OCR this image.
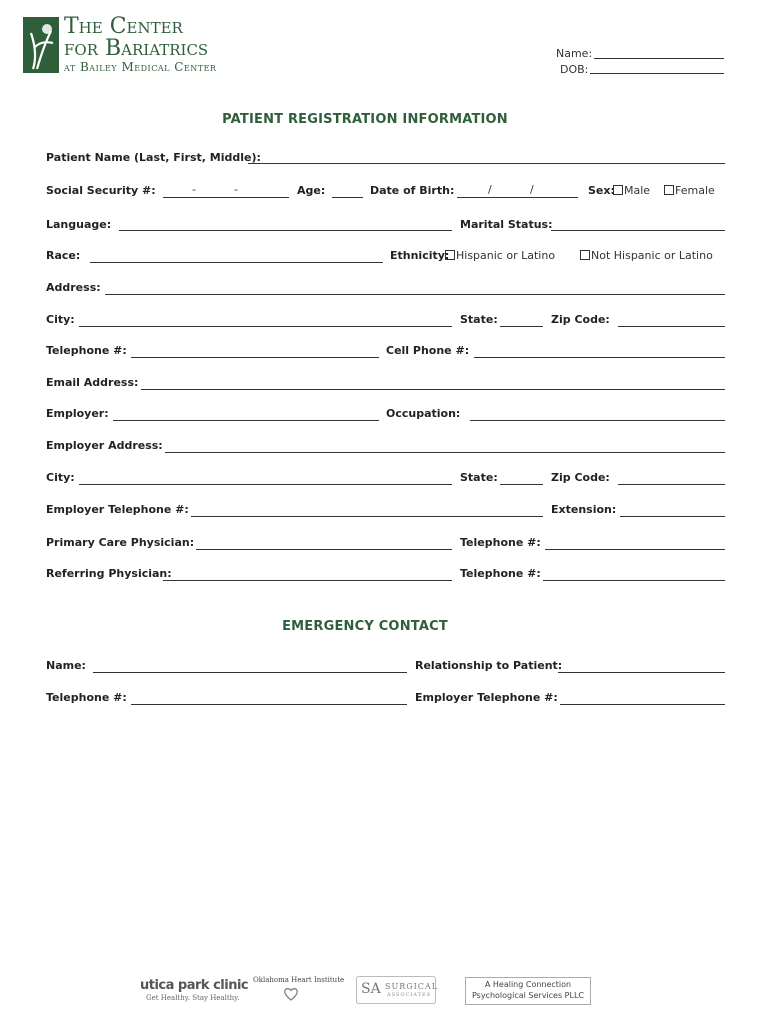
The Center
for Bariatrics
at Bailey Medical Center
Name:
DOB:
PATIENT REGISTRATION INFORMATION
Patient Name (Last, First, Middle):
Social Security #:	-	-	Age:	Date of Birth:	/	/	Sex: Male	Female
Language:	Marital Status:
Race:	Ethnicity: Hispanic or Latino	Not Hispanic or Latino
Address:
City:	State:	Zip Code:
Telephone #:	Cell Phone #:
Email Address:
Employer:	Occupation:
Employer Address:
City:	State:	Zip Code:
Employer Telephone #:	Extension:
Primary Care Physician:	Telephone #:
Referring Physician:	Telephone #:
EMERGENCY CONTACT
Name:	Relationship to Patient:
Telephone #:	Employer Telephone #:
utica park clinic
Get Healthy. Stay Healthy.
Oklahoma Heart Institute
SA SURGICAL
ASSOCIATES
A Healing Connection
Psychological Services PLLC
